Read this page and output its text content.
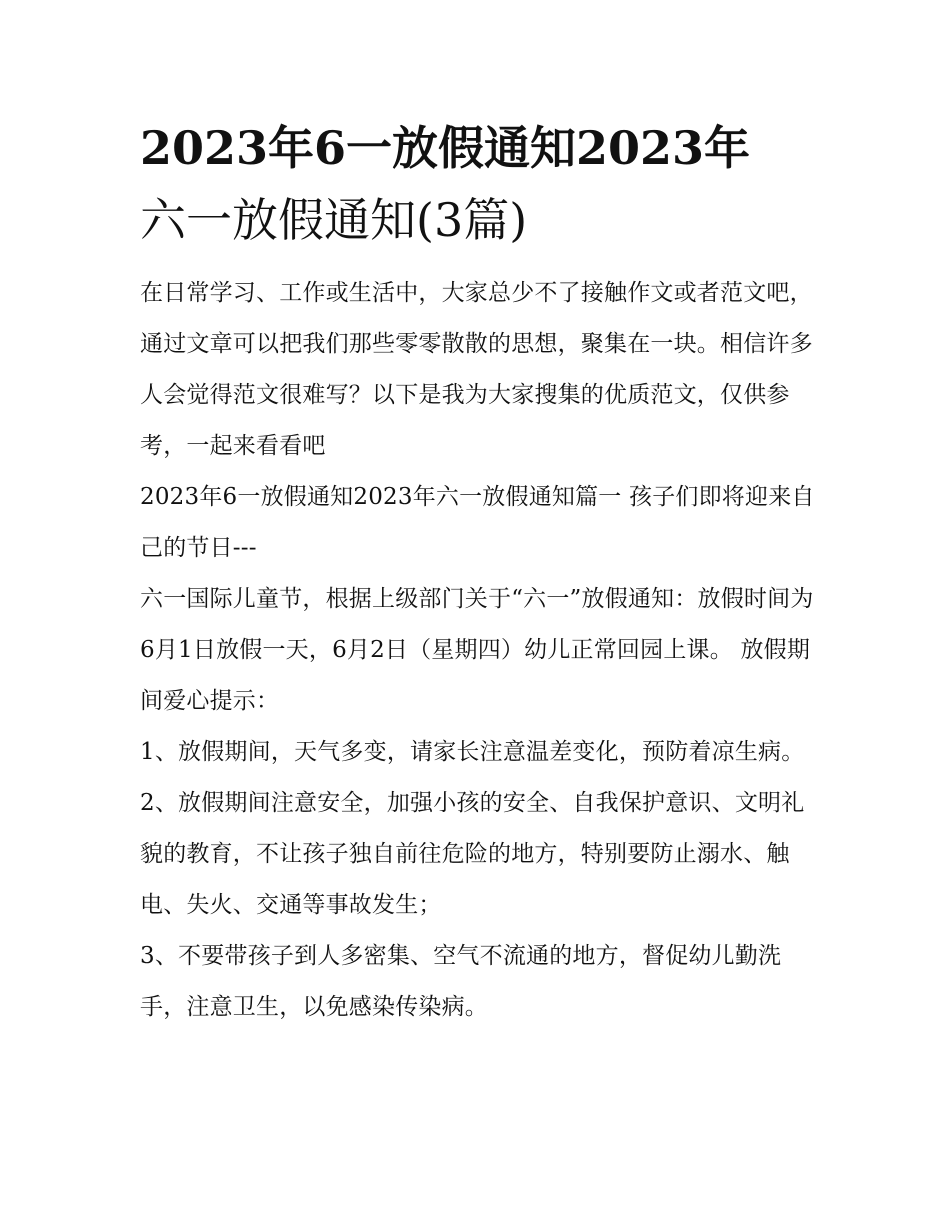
2023年6一放假通知2023年
六一放假通知(3篇)

在日常学习、工作或生活中，大家总少不了接触作文或者范文吧，通过文章可以把我们那些零零散散的思想，聚集在一块。相信许多人会觉得范文很难写？以下是我为大家搜集的优质范文，仅供参考，一起来看看吧

2023年6一放假通知2023年六一放假通知篇一 孩子们即将迎来自己的节日---

六一国际儿童节，根据上级部门关于“六一”放假通知：放假时间为6月1日放假一天，6月2日（星期四）幼儿正常回园上课。 放假期间爱心提示：

1、放假期间，天气多变，请家长注意温差变化，预防着凉生病。

2、放假期间注意安全，加强小孩的安全、自我保护意识、文明礼貌的教育，不让孩子独自前往危险的地方，特别要防止溺水、触电、失火、交通等事故发生；

3、不要带孩子到人多密集、空气不流通的地方，督促幼儿勤洗手，注意卫生，以免感染传染病。
